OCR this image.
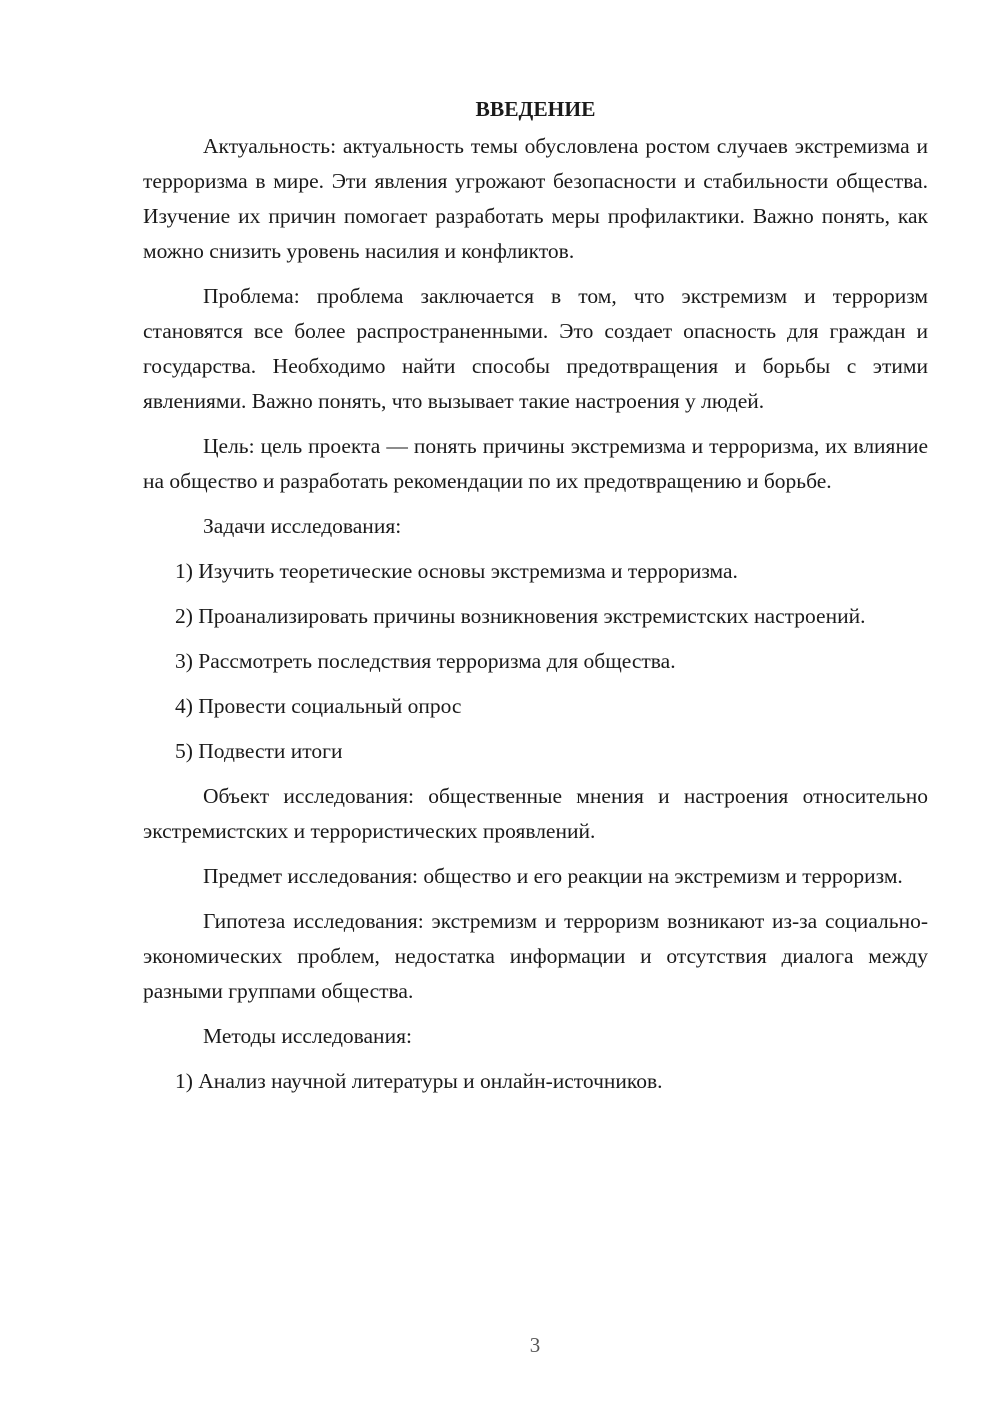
ВВЕДЕНИЕ

Актуальность: актуальность темы обусловлена ростом случаев экстремизма и терроризма в мире. Эти явления угрожают безопасности и стабильности общества. Изучение их причин помогает разработать меры профилактики. Важно понять, как можно снизить уровень насилия и конфликтов.

Проблема: проблема заключается в том, что экстремизм и терроризм становятся все более распространенными. Это создает опасность для граждан и государства. Необходимо найти способы предотвращения и борьбы с этими явлениями. Важно понять, что вызывает такие настроения у людей.

Цель: цель проекта — понять причины экстремизма и терроризма, их влияние на общество и разработать рекомендации по их предотвращению и борьбе.

Задачи исследования:

1) Изучить теоретические основы экстремизма и терроризма.

2) Проанализировать причины возникновения экстремистских настроений.

3) Рассмотреть последствия терроризма для общества.

4) Провести социальный опрос

5) Подвести итоги

Объект исследования: общественные мнения и настроения относительно экстремистских и террористических проявлений.

Предмет исследования: общество и его реакции на экстремизм и терроризм.

Гипотеза исследования: экстремизм и терроризм возникают из-за социально-экономических проблем, недостатка информации и отсутствия диалога между разными группами общества.

Методы исследования:

1) Анализ научной литературы и онлайн-источников.

3
